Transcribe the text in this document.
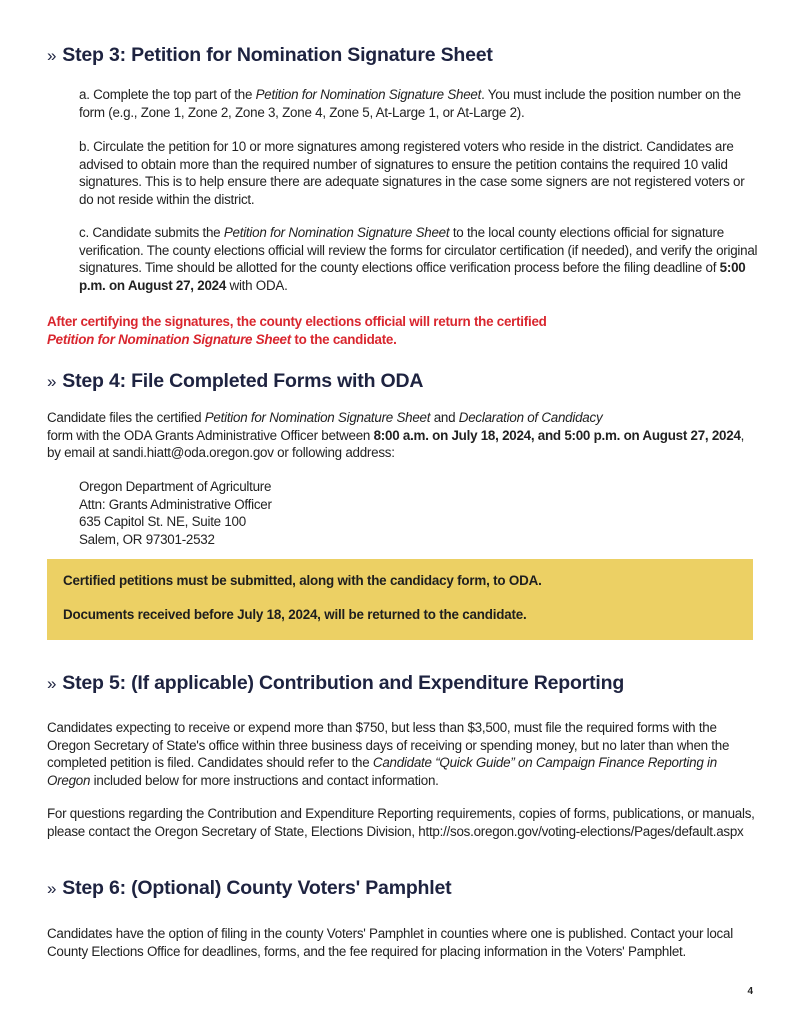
» Step 3: Petition for Nomination Signature Sheet
a. Complete the top part of the Petition for Nomination Signature Sheet. You must include the position number on the form (e.g., Zone 1, Zone 2, Zone 3, Zone 4, Zone 5, At-Large 1, or At-Large 2).
b. Circulate the petition for 10 or more signatures among registered voters who reside in the district. Candidates are advised to obtain more than the required number of signatures to ensure the petition contains the required 10 valid signatures. This is to help ensure there are adequate signatures in the case some signers are not registered voters or do not reside within the district.
c. Candidate submits the Petition for Nomination Signature Sheet to the local county elections official for signature verification. The county elections official will review the forms for circulator certification (if needed), and verify the original signatures. Time should be allotted for the county elections office verification process before the filing deadline of 5:00 p.m. on August 27, 2024 with ODA.
After certifying the signatures, the county elections official will return the certified
Petition for Nomination Signature Sheet to the candidate.
» Step 4: File Completed Forms with ODA
Candidate files the certified Petition for Nomination Signature Sheet and Declaration of Candidacy
form with the ODA Grants Administrative Officer between 8:00 a.m. on July 18, 2024, and 5:00 p.m. on August 27, 2024, by email at sandi.hiatt@oda.oregon.gov or following address:
Oregon Department of Agriculture
Attn: Grants Administrative Officer
635 Capitol St. NE, Suite 100
Salem, OR 97301-2532
Certified petitions must be submitted, along with the candidacy form, to ODA.
Documents received before July 18, 2024, will be returned to the candidate.
» Step 5: (If applicable) Contribution and Expenditure Reporting
Candidates expecting to receive or expend more than $750, but less than $3,500, must file the required forms with the Oregon Secretary of State's office within three business days of receiving or spending money, but no later than when the completed petition is filed. Candidates should refer to the Candidate “Quick Guide” on Campaign Finance Reporting in Oregon included below for more instructions and contact information.
For questions regarding the Contribution and Expenditure Reporting requirements, copies of forms, publications, or manuals, please contact the Oregon Secretary of State, Elections Division, http://sos.oregon.gov/voting-elections/Pages/default.aspx
» Step 6: (Optional) County Voters' Pamphlet
Candidates have the option of filing in the county Voters' Pamphlet in counties where one is published. Contact your local County Elections Office for deadlines, forms, and the fee required for placing information in the Voters' Pamphlet.
4
